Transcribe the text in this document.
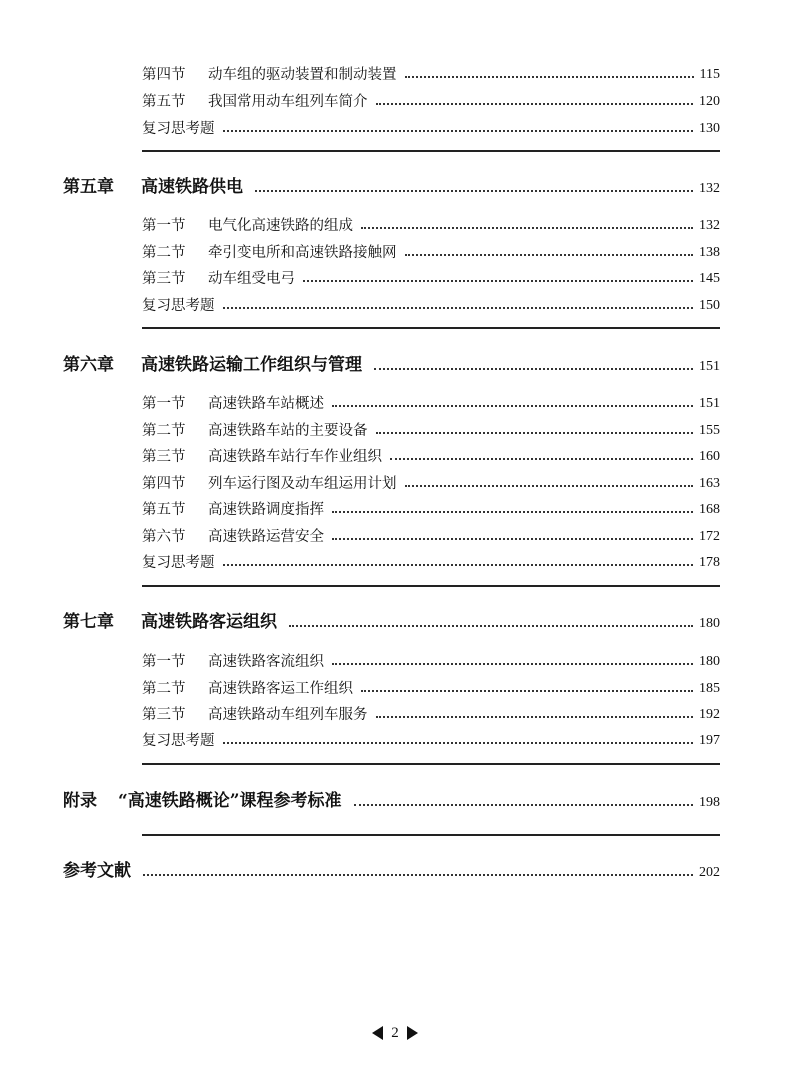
第四节	动车组的驱动装置和制动装置	115
第五节	我国常用动车组列车简介	120
复习思考题	130
第五章	高速铁路供电	132
第一节	电气化高速铁路的组成	132
第二节	牵引变电所和高速铁路接触网	138
第三节	动车组受电弓	145
复习思考题	150
第六章	高速铁路运输工作组织与管理	151
第一节	高速铁路车站概述	151
第二节	高速铁路车站的主要设备	155
第三节	高速铁路车站行车作业组织	160
第四节	列车运行图及动车组运用计划	163
第五节	高速铁路调度指挥	168
第六节	高速铁路运营安全	172
复习思考题	178
第七章	高速铁路客运组织	180
第一节	高速铁路客流组织	180
第二节	高速铁路客运工作组织	185
第三节	高速铁路动车组列车服务	192
复习思考题	197
附录	“高速铁路概论”课程参考标准	198
参考文献	202
2
